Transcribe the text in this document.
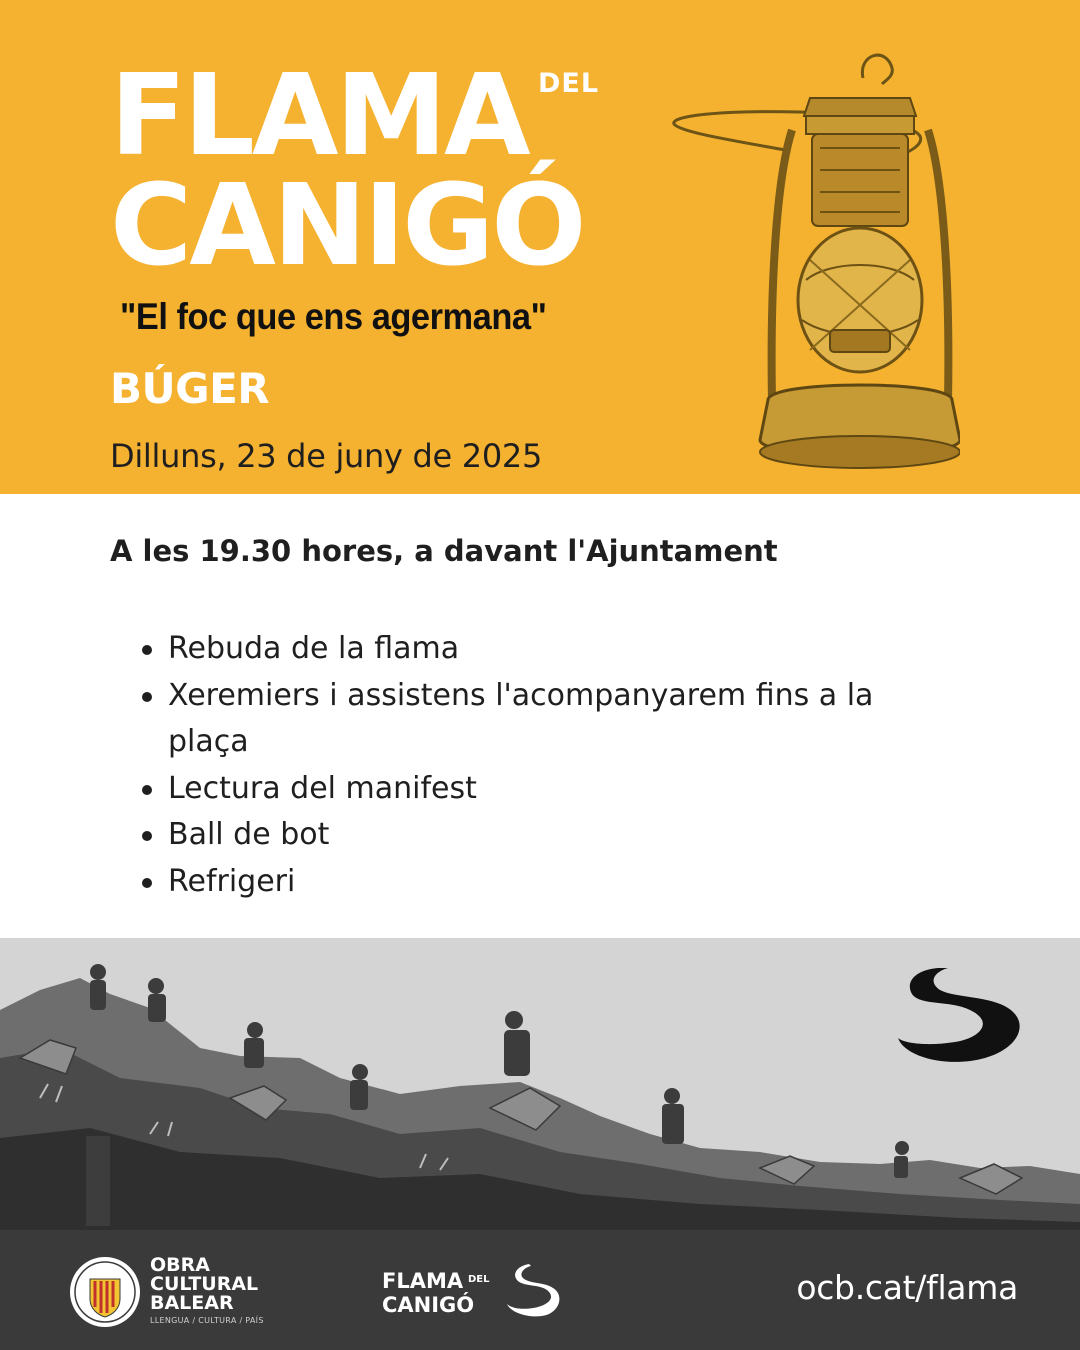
FLAMA DEL
CANIGÓ
"El foc que ens agermana"
BÚGER
Dilluns, 23 de juny de 2025
A les 19.30 hores, a davant l'Ajuntament
Rebuda de la flama
Xeremiers i assistens l'acompanyarem fins a la plaça
Lectura del manifest
Ball de bot
Refrigeri
OBRA
CULTURAL
BALEAR
LLENGUA / CULTURA / PAÍS
FLAMA DEL
CANIGÓ	ocb.cat/flama
